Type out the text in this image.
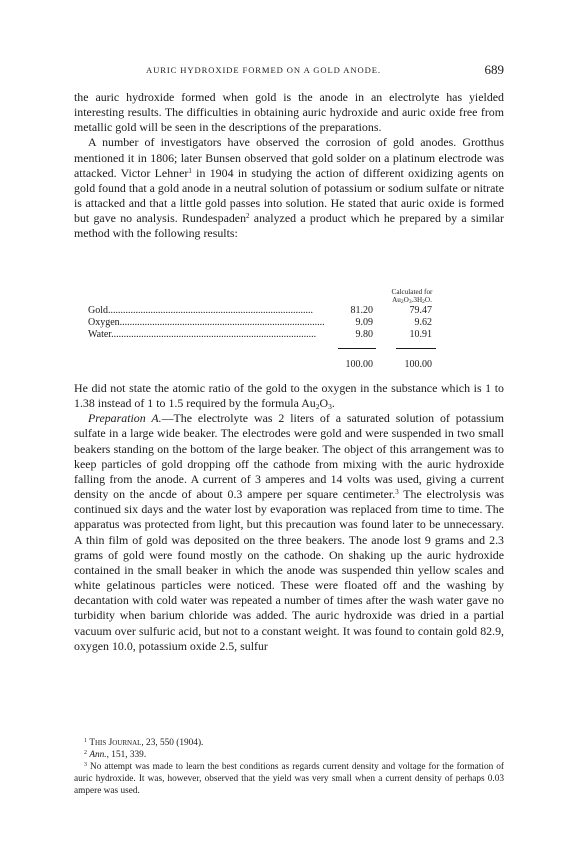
AURIC HYDROXIDE FORMED ON A GOLD ANODE.	689

the auric hydroxide formed when gold is the anode in an electrolyte has yielded interesting results. The difficulties in obtaining auric hydroxide and auric oxide free from metallic gold will be seen in the descriptions of the preparations.

A number of investigators have observed the corrosion of gold anodes. Grotthus mentioned it in 1806; later Bunsen observed that gold solder on a platinum electrode was attacked. Victor Lehner$^1$ in 1904 in studying the action of different oxidizing agents on gold found that a gold anode in a neutral solution of potassium or sodium sulfate or nitrate is attacked and that a little gold passes into solution. He stated that auric oxide is formed but gave no analysis. Rundespaden$^2$ analyzed a product which he prepared by a similar method with the following results:

Calculated for
$Au_2O_3.3H_2O$.
Gold..................................................................................	81.20	79.47
Oxygen..................................................................................	9.09	9.62
Water..................................................................................	9.80	10.91
100.00	100.00

He did not state the atomic ratio of the gold to the oxygen in the substance which is 1 to 1.38 instead of 1 to 1.5 required by the formula $Au_2O_3$.

Preparation A.—The electrolyte was 2 liters of a saturated solution of potassium sulfate in a large wide beaker. The electrodes were gold and were suspended in two small beakers standing on the bottom of the large beaker. The object of this arrangement was to keep particles of gold dropping off the cathode from mixing with the auric hydroxide falling from the anode. A current of 3 amperes and 14 volts was used, giving a current density on the ancde of about 0.3 ampere per square centimeter.$^3$ The electrolysis was continued six days and the water lost by evaporation was replaced from time to time. The apparatus was protected from light, but this precaution was found later to be unnecessary. A thin film of gold was deposited on the three beakers. The anode lost 9 grams and 2.3 grams of gold were found mostly on the cathode. On shaking up the auric hydroxide contained in the small beaker in which the anode was suspended thin yellow scales and white gelatinous particles were noticed. These were floated off and the washing by decantation with cold water was repeated a number of times after the wash water gave no turbidity when barium chloride was added. The auric hydroxide was dried in a partial vacuum over sulfuric acid, but not to a constant weight. It was found to contain gold 82.9, oxygen 10.0, potassium oxide 2.5, sulfur

$^1$ This Journal, 23, 550 (1904).

$^2$ Ann., 151, 339.

$^3$ No attempt was made to learn the best conditions as regards current density and voltage for the formation of auric hydroxide. It was, however, observed that the yield was very small when a current density of perhaps 0.03 ampere was used.
